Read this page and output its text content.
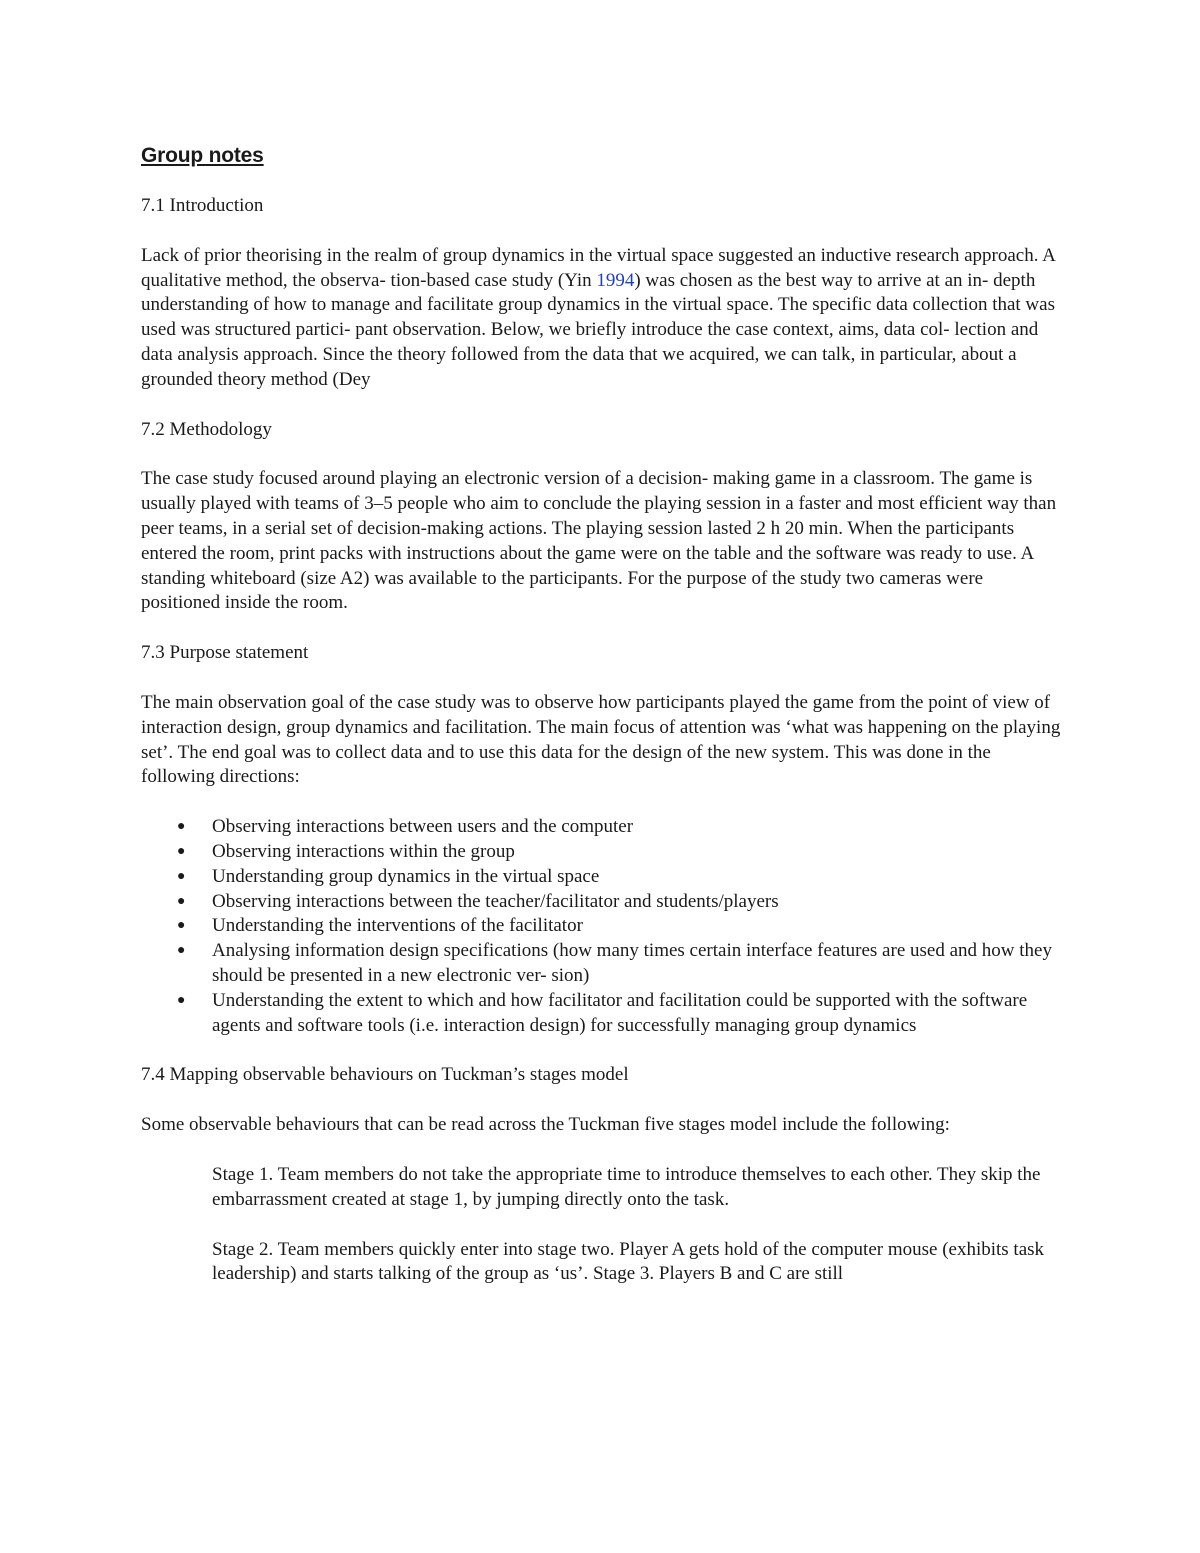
Group notes

7.1 Introduction

Lack of prior theorising in the realm of group dynamics in the virtual space suggested an inductive research approach. A qualitative method, the observa- tion-based case study (Yin 1994) was chosen as the best way to arrive at an in- depth understanding of how to manage and facilitate group dynamics in the virtual space. The specific data collection that was used was structured partici- pant observation. Below, we briefly introduce the case context, aims, data col- lection and data analysis approach. Since the theory followed from the data that we acquired, we can talk, in particular, about a grounded theory method (Dey

7.2 Methodology

The case study focused around playing an electronic version of a decision- making game in a classroom. The game is usually played with teams of 3–5 people who aim to conclude the playing session in a faster and most efficient way than peer teams, in a serial set of decision-making actions. The playing session lasted 2 h 20 min. When the participants entered the room, print packs with instructions about the game were on the table and the software was ready to use. A standing whiteboard (size A2) was available to the participants. For the purpose of the study two cameras were positioned inside the room.

7.3 Purpose statement

The main observation goal of the case study was to observe how participants played the game from the point of view of interaction design, group dynamics and facilitation. The main focus of attention was ‘what was happening on the playing set’. The end goal was to collect data and to use this data for the design of the new system. This was done in the following directions:

● Observing interactions between users and the computer
● Observing interactions within the group
● Understanding group dynamics in the virtual space
● Observing interactions between the teacher/facilitator and students/players
● Understanding the interventions of the facilitator
● Analysing information design specifications (how many times certain interface features are used and how they should be presented in a new electronic ver- sion)
● Understanding the extent to which and how facilitator and facilitation could be supported with the software agents and software tools (i.e. interaction design) for successfully managing group dynamics

7.4 Mapping observable behaviours on Tuckman’s stages model

Some observable behaviours that can be read across the Tuckman five stages model include the following:

Stage 1. Team members do not take the appropriate time to introduce themselves to each other. They skip the embarrassment created at stage 1, by jumping directly onto the task.

Stage 2. Team members quickly enter into stage two. Player A gets hold of the computer mouse (exhibits task leadership) and starts talking of the group as ‘us’. Stage 3. Players B and C are still
